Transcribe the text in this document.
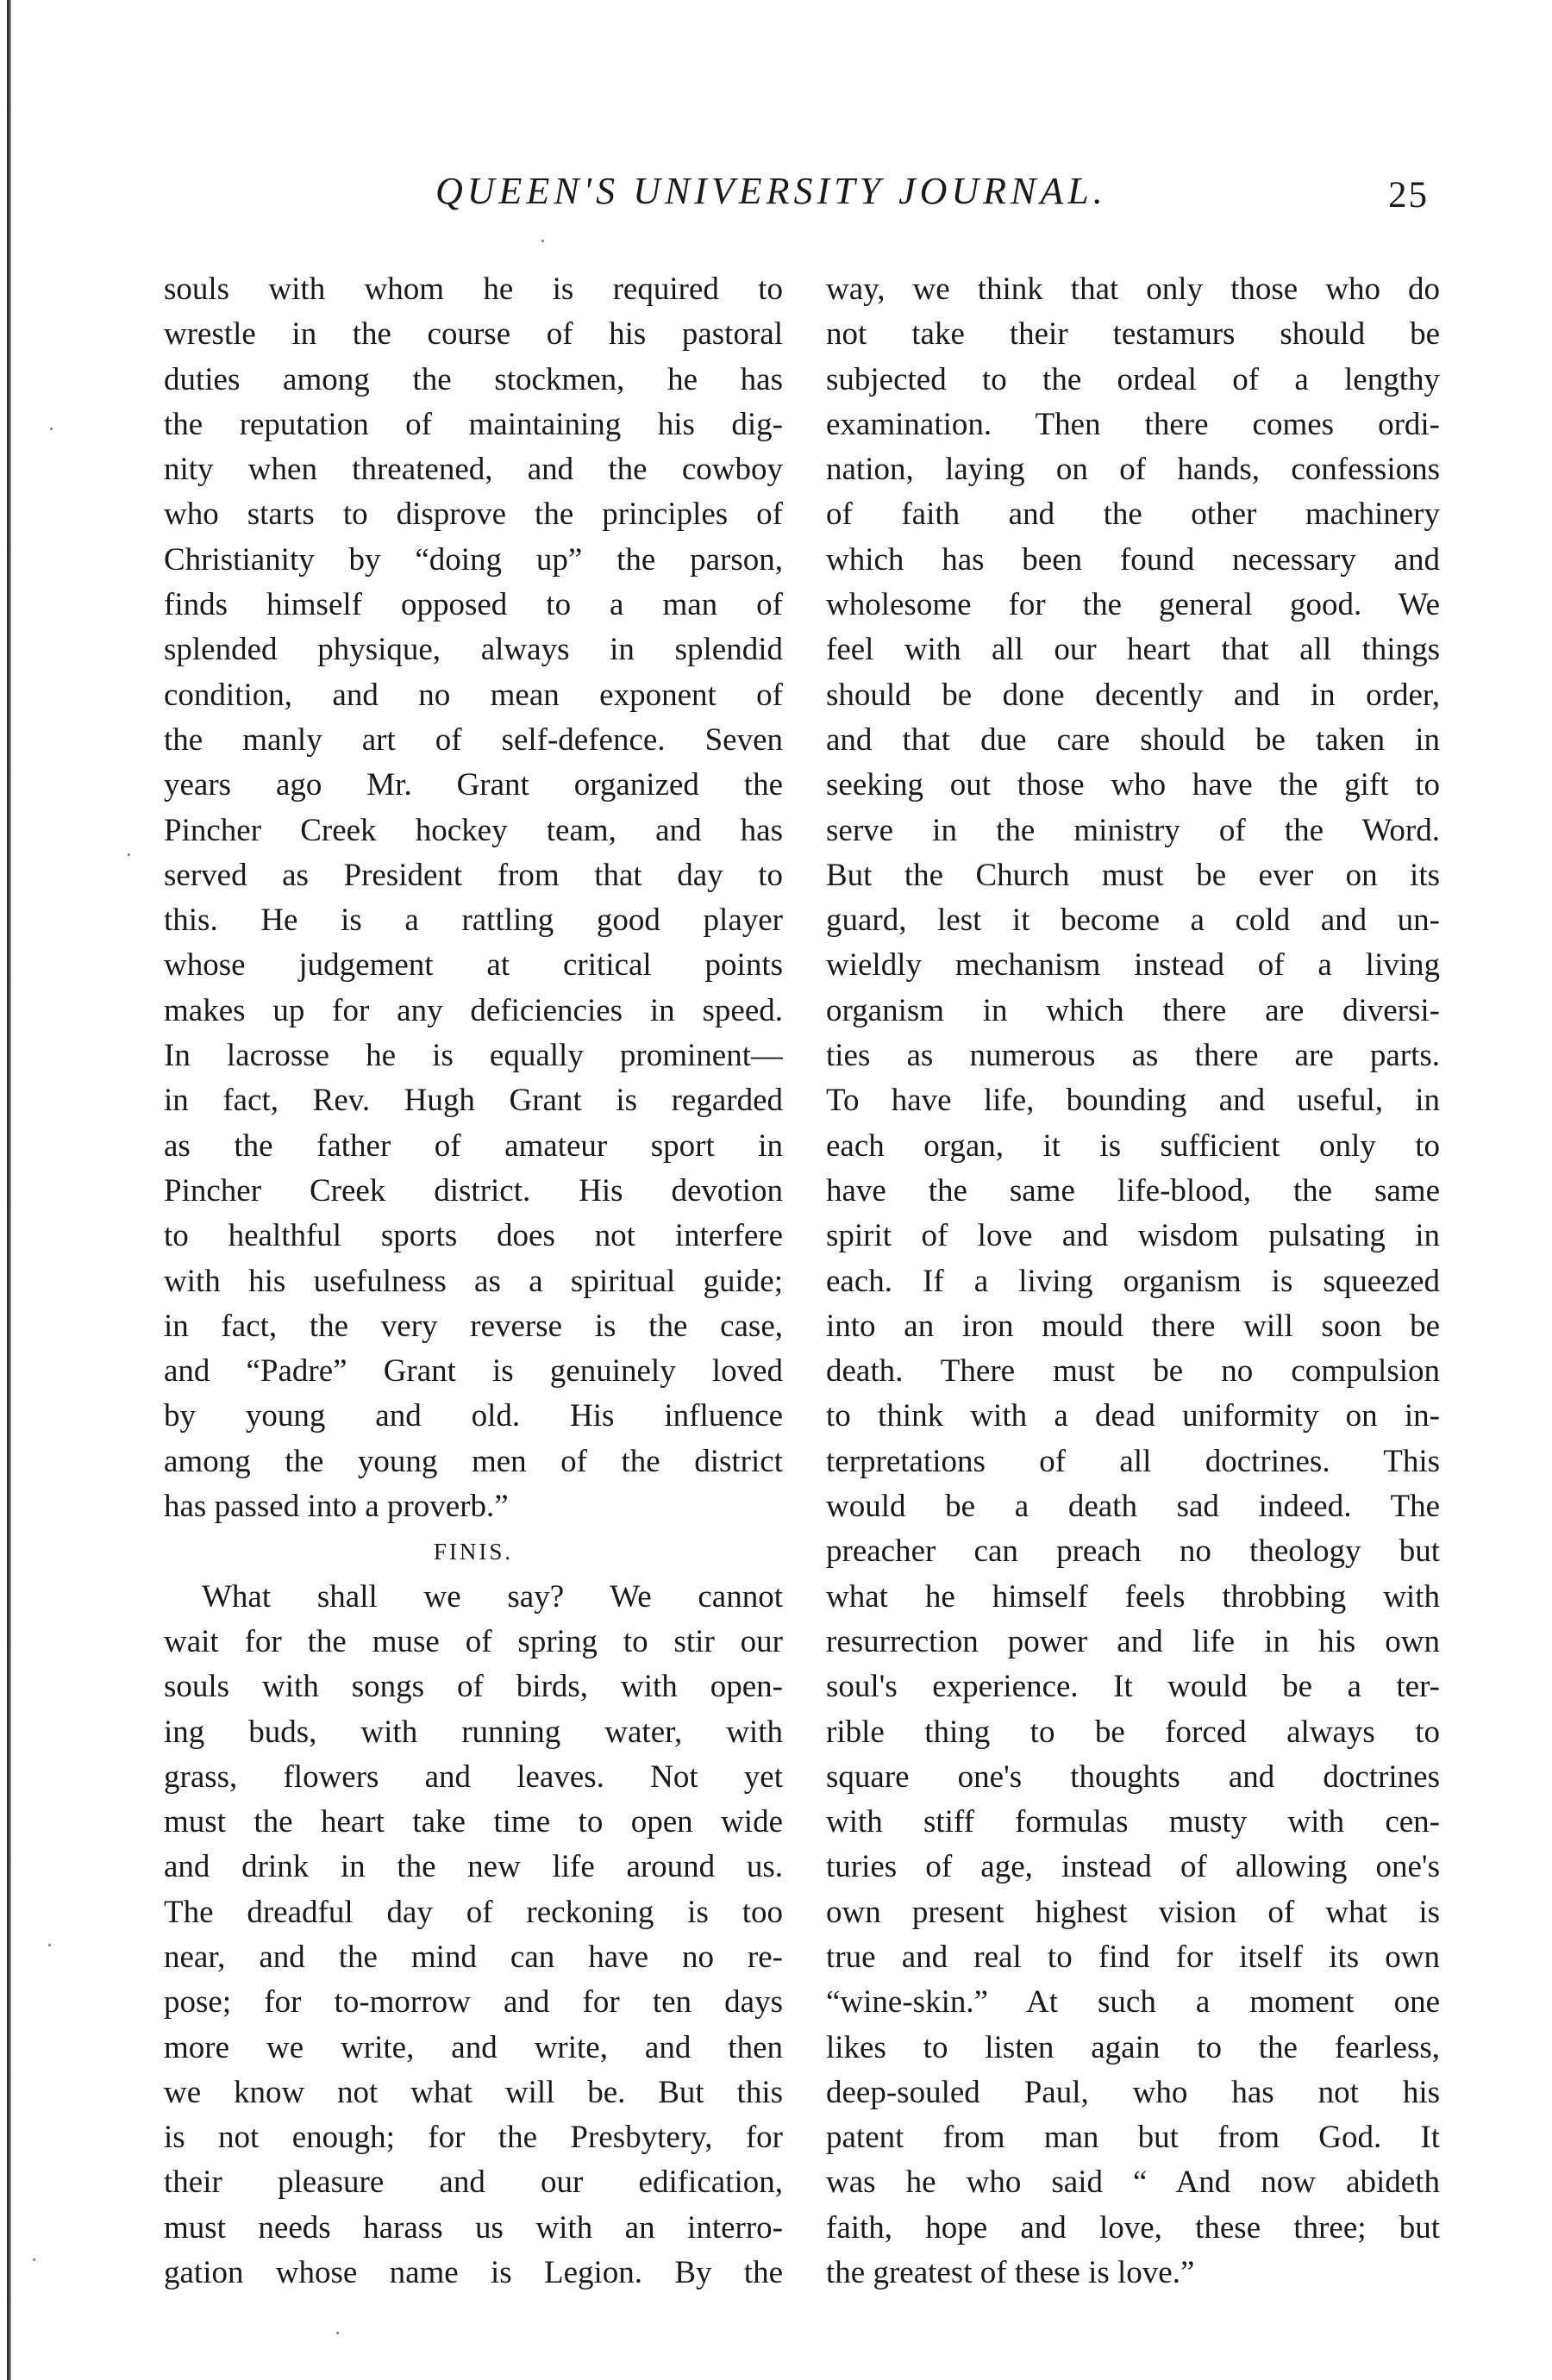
QUEEN'S UNIVERSITY JOURNAL.	25
souls with whom he is required to
wrestle in the course of his pastoral
duties among the stockmen, he has
the reputation of maintaining his dig-
nity when threatened, and the cowboy
who starts to disprove the principles of
Christianity by “doing up” the parson,
finds himself opposed to a man of
splended physique, always in splendid
condition, and no mean exponent of
the manly art of self-defence. Seven
years ago Mr. Grant organized the
Pincher Creek hockey team, and has
served as President from that day to
this. He is a rattling good player
whose judgement at critical points
makes up for any deficiencies in speed.
In lacrosse he is equally prominent—
in fact, Rev. Hugh Grant is regarded
as the father of amateur sport in
Pincher Creek district. His devotion
to healthful sports does not interfere
with his usefulness as a spiritual guide;
in fact, the very reverse is the case,
and “Padre” Grant is genuinely loved
by young and old. His influence
among the young men of the district
has passed into a proverb.”
FINIS.
What shall we say? We cannot
wait for the muse of spring to stir our
souls with songs of birds, with open-
ing buds, with running water, with
grass, flowers and leaves. Not yet
must the heart take time to open wide
and drink in the new life around us.
The dreadful day of reckoning is too
near, and the mind can have no re-
pose; for to-morrow and for ten days
more we write, and write, and then
we know not what will be. But this
is not enough; for the Presbytery, for
their pleasure and our edification,
must needs harass us with an interro-
gation whose name is Legion. By the
way, we think that only those who do
not take their testamurs should be
subjected to the ordeal of a lengthy
examination. Then there comes ordi-
nation, laying on of hands, confessions
of faith and the other machinery
which has been found necessary and
wholesome for the general good. We
feel with all our heart that all things
should be done decently and in order,
and that due care should be taken in
seeking out those who have the gift to
serve in the ministry of the Word.
But the Church must be ever on its
guard, lest it become a cold and un-
wieldly mechanism instead of a living
organism in which there are diversi-
ties as numerous as there are parts.
To have life, bounding and useful, in
each organ, it is sufficient only to
have the same life-blood, the same
spirit of love and wisdom pulsating in
each. If a living organism is squeezed
into an iron mould there will soon be
death. There must be no compulsion
to think with a dead uniformity on in-
terpretations of all doctrines. This
would be a death sad indeed. The
preacher can preach no theology but
what he himself feels throbbing with
resurrection power and life in his own
soul's experience. It would be a ter-
rible thing to be forced always to
square one's thoughts and doctrines
with stiff formulas musty with cen-
turies of age, instead of allowing one's
own present highest vision of what is
true and real to find for itself its own
“wine-skin.” At such a moment one
likes to listen again to the fearless,
deep-souled Paul, who has not his
patent from man but from God. It
was he who said “ And now abideth
faith, hope and love, these three; but
the greatest of these is love.”
